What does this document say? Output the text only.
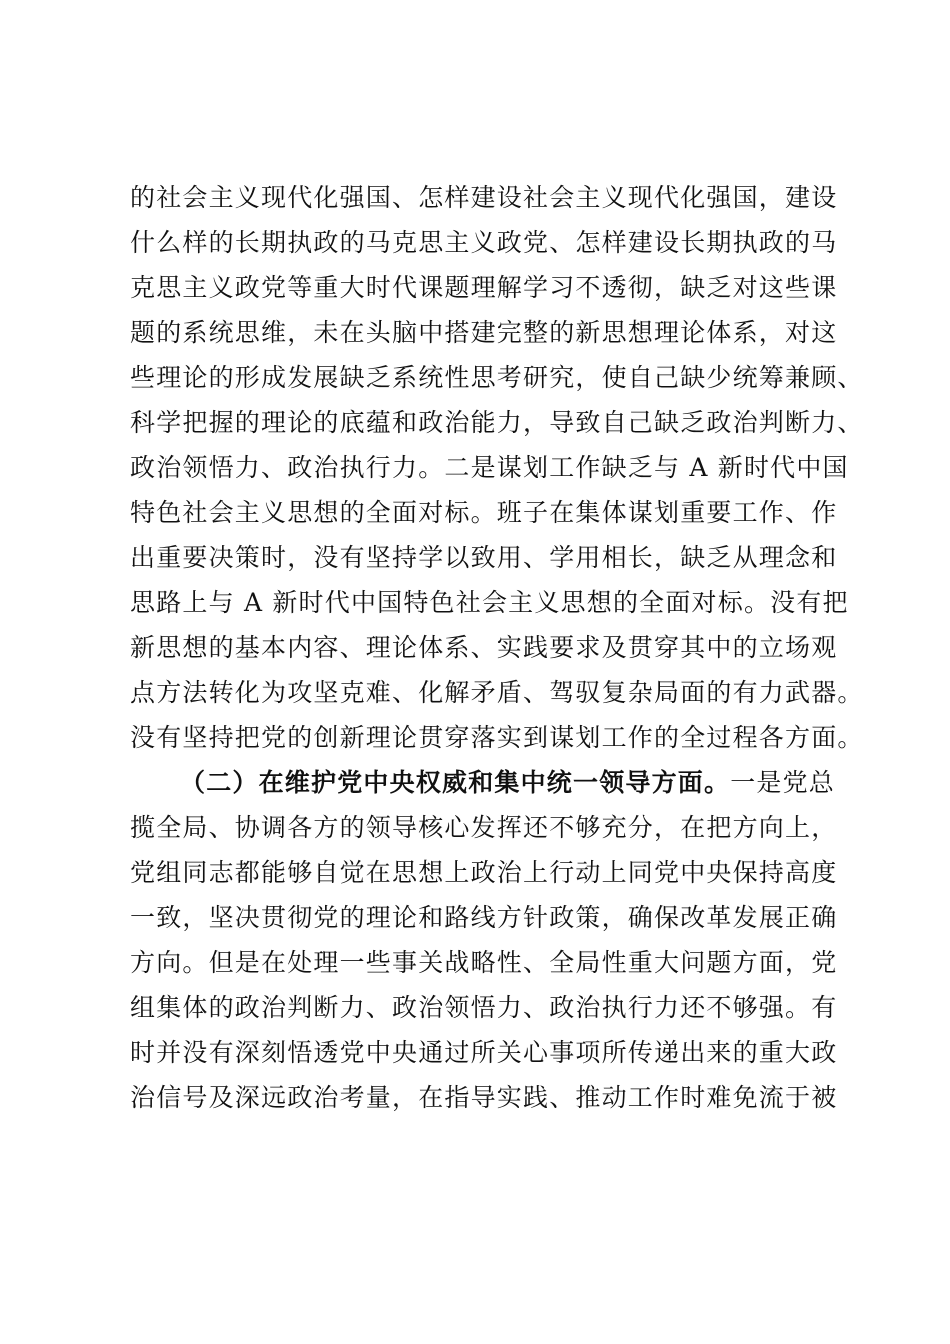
的社会主义现代化强国、怎样建设社会主义现代化强国，建设
什么样的长期执政的马克思主义政党、怎样建设长期执政的马
克思主义政党等重大时代课题理解学习不透彻，缺乏对这些课
题的系统思维，未在头脑中搭建完整的新思想理论体系，对这
些理论的形成发展缺乏系统性思考研究，使自己缺少统筹兼顾、
科学把握的理论的底蕴和政治能力，导致自己缺乏政治判断力、
政治领悟力、政治执行力。二是谋划工作缺乏与 A 新时代中国
特色社会主义思想的全面对标。班子在集体谋划重要工作、作
出重要决策时，没有坚持学以致用、学用相长，缺乏从理念和
思路上与 A 新时代中国特色社会主义思想的全面对标。没有把
新思想的基本内容、理论体系、实践要求及贯穿其中的立场观
点方法转化为攻坚克难、化解矛盾、驾驭复杂局面的有力武器。
没有坚持把党的创新理论贯穿落实到谋划工作的全过程各方面。
（二）在维护党中央权威和集中统一领导方面。一是党总
揽全局、协调各方的领导核心发挥还不够充分，在把方向上，
党组同志都能够自觉在思想上政治上行动上同党中央保持高度
一致，坚决贯彻党的理论和路线方针政策，确保改革发展正确
方向。但是在处理一些事关战略性、全局性重大问题方面，党
组集体的政治判断力、政治领悟力、政治执行力还不够强。有
时并没有深刻悟透党中央通过所关心事项所传递出来的重大政
治信号及深远政治考量，在指导实践、推动工作时难免流于被
